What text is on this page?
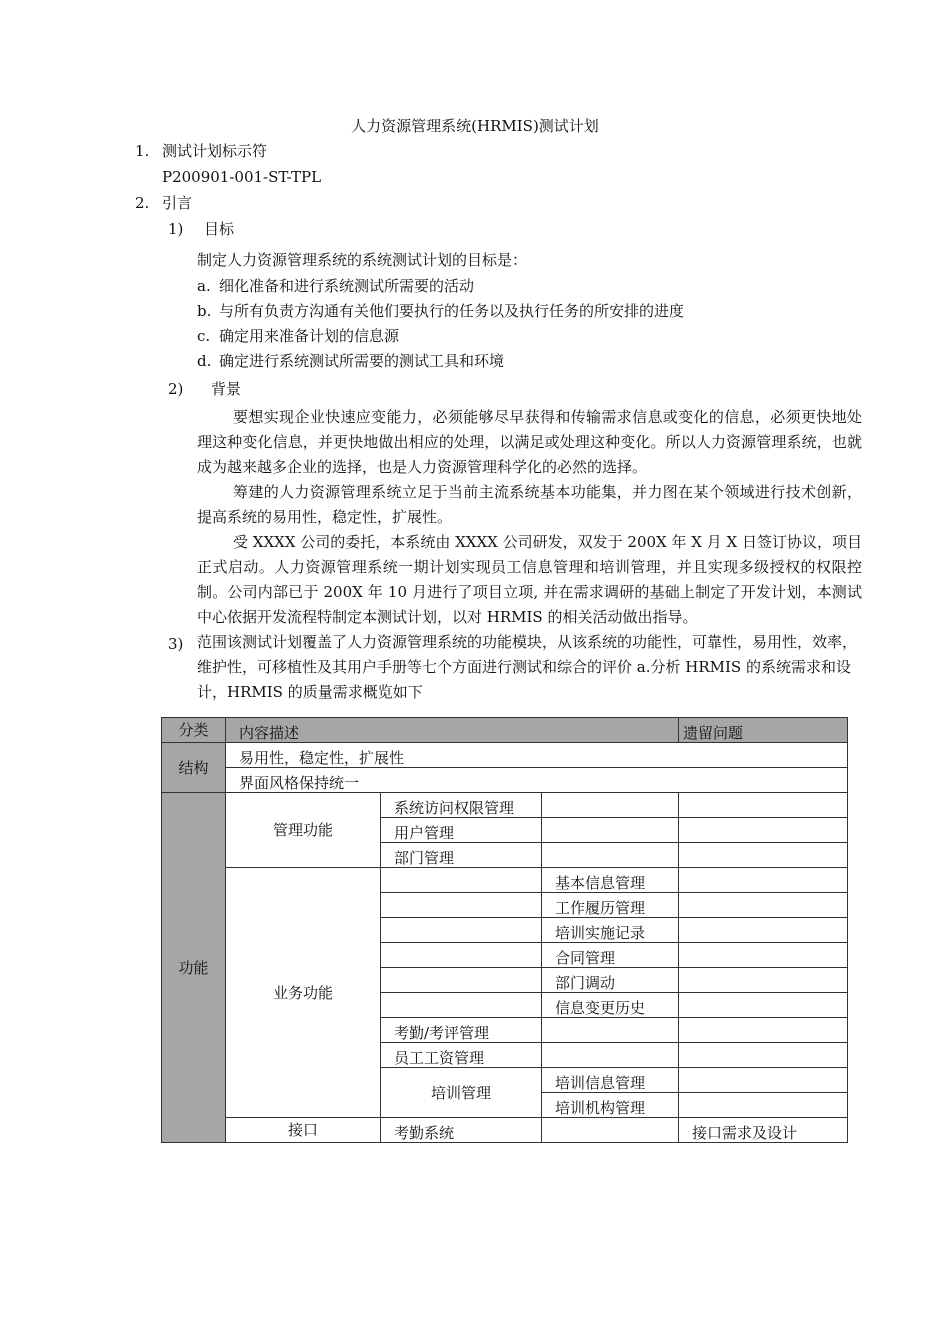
人力资源管理系统(HRMIS)测试计划
1. 测试计划标示符
P200901-001-ST-TPL
2. 引言
1) 目标
制定人力资源管理系统的系统测试计划的目标是：
a. 细化准备和进行系统测试所需要的活动
b. 与所有负责方沟通有关他们要执行的任务以及执行任务的所安排的进度
c. 确定用来准备计划的信息源
d. 确定进行系统测试所需要的测试工具和环境
2) 背景
要想实现企业快速应变能力，必须能够尽早获得和传输需求信息或变化的信息，必须更快地处理这种变化信息，并更快地做出相应的处理，以满足或处理这种变化。所以人力资源管理系统，也就成为越来越多企业的选择，也是人力资源管理科学化的必然的选择。
筹建的人力资源管理系统立足于当前主流系统基本功能集，并力图在某个领域进行技术创新，提高系统的易用性，稳定性，扩展性。
受 XXXX 公司的委托，本系统由 XXXX 公司研发，双发于 200X 年 X 月 X 日签订协议，项目正式启动。人力资源管理系统一期计划实现员工信息管理和培训管理，并且实现多级授权的权限控制。公司内部已于 200X 年 10 月进行了项目立项, 并在需求调研的基础上制定了开发计划，本测试中心依据开发流程特制定本测试计划，以对 HRMIS 的相关活动做出指导。
3) 范围该测试计划覆盖了人力资源管理系统的功能模块，从该系统的功能性，可靠性，易用性，效率，维护性，可移植性及其用户手册等七个方面进行测试和综合的评价 a.分析 HRMIS 的系统需求和设计，HRMIS 的质量需求概览如下
分类	内容描述			遗留问题
结构	易用性，稳定性，扩展性			
	界面风格保持统一			
功能	管理功能	系统访问权限管理		
		用户管理		
		部门管理		
	业务功能		基本信息管理	
			工作履历管理	
			培训实施记录	
			合同管理	
			部门调动	
			信息变更历史	
		考勤/考评管理		
		员工工资管理		
		培训管理	培训信息管理	
			培训机构管理	
	接口	考勤系统		接口需求及设计
